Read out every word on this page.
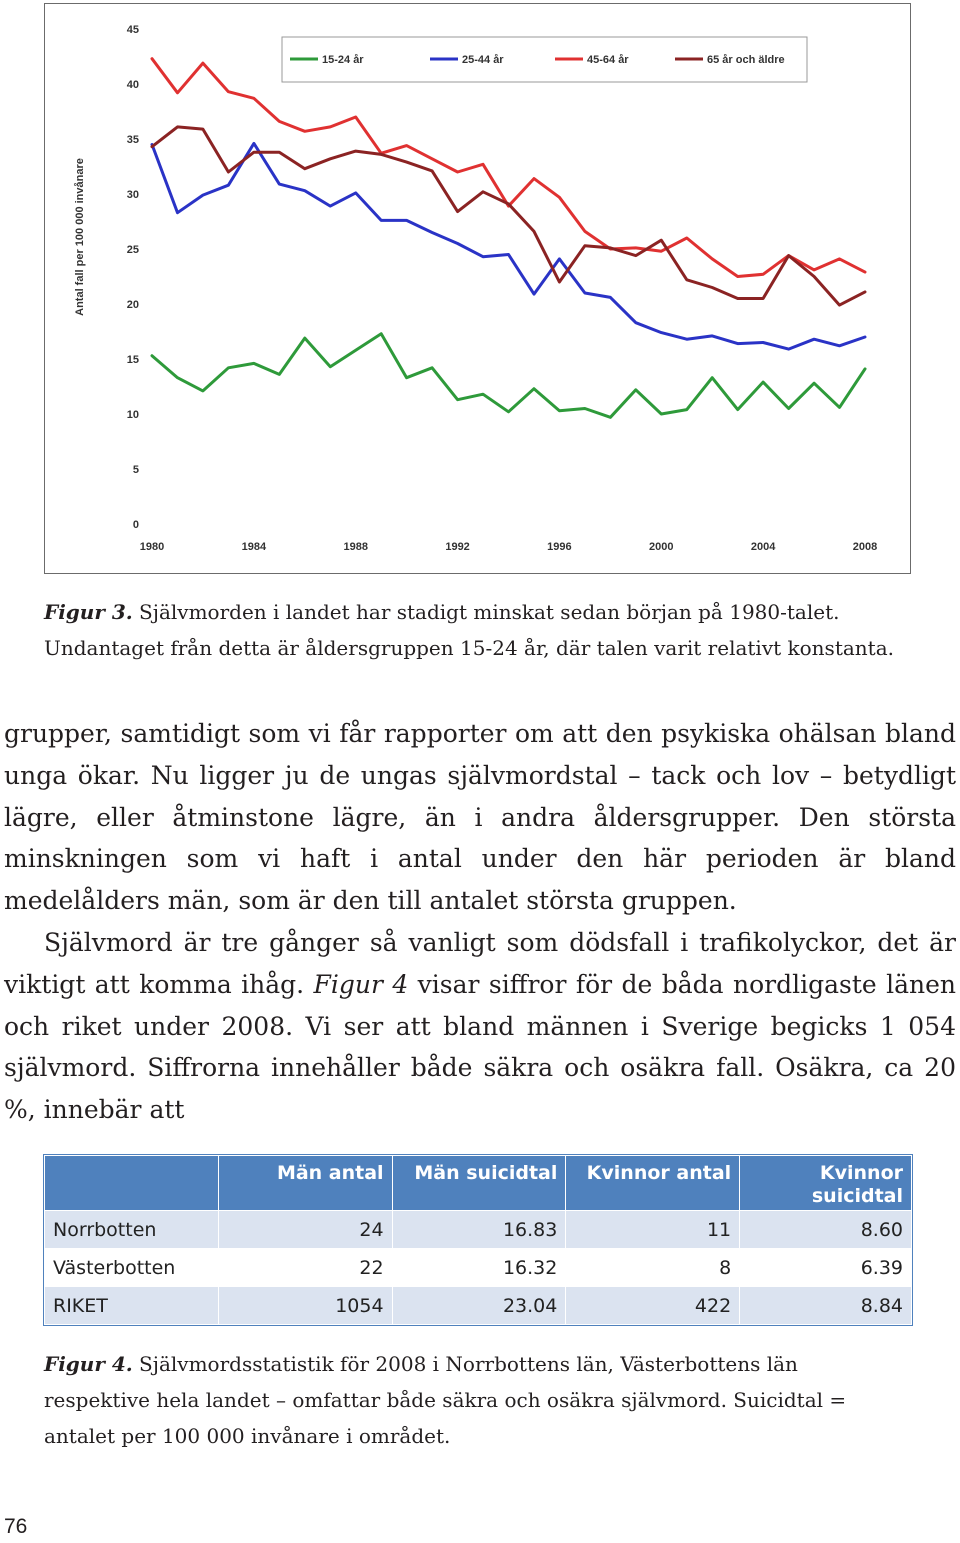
15-24 år	25-44 år	45-64 år	65 år och äldre
0
5
10
15
20
25
30
35
40
45
1980	1984	1988	1992	1996	2000	2004	2008
Antal fall per 100 000 invånare

Figur 3. Självmorden i landet har stadigt minskat sedan början på 1980-talet. Undantaget från detta är åldersgruppen 15-24 år, där talen varit relativt konstanta.

grupper, samtidigt som vi får rapporter om att den psykiska ohälsan bland unga ökar. Nu ligger ju de ungas självmordstal – tack och lov – betydligt lägre, eller åtminstone lägre, än i andra åldersgrupper. Den största minskningen som vi haft i antal under den här perioden är bland medelålders män, som är den till antalet största gruppen.

Självmord är tre gånger så vanligt som dödsfall i trafikolyckor, det är viktigt att komma ihåg. Figur 4 visar siffror för de båda nordligaste länen och riket under 2008. Vi ser att bland männen i Sverige begicks 1 054 självmord. Siffrorna innehåller både säkra och osäkra fall. Osäkra, ca 20 %, innebär att

	Män antal	Män suicidtal	Kvinnor antal	Kvinnor suicidtal
Norrbotten	24	16.83	11	8.60
Västerbotten	22	16.32	8	6.39
RIKET	1054	23.04	422	8.84

Figur 4. Självmordsstatistik för 2008 i Norrbottens län, Västerbottens län respektive hela landet – omfattar både säkra och osäkra självmord. Suicidtal = antalet per 100 000 invånare i området.

76
